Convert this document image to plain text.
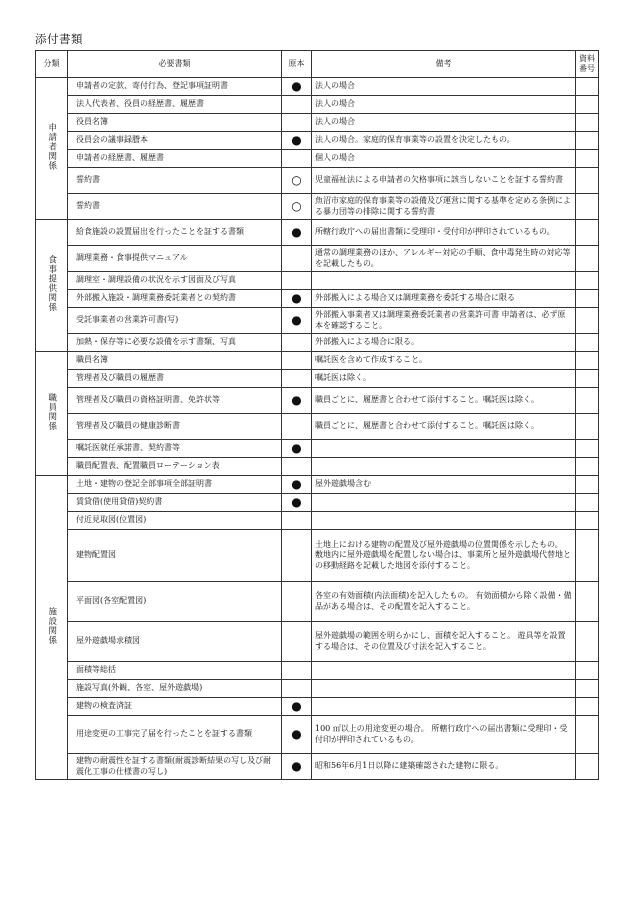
添付書類
分類	必要書類	原本	備考	資料番号
申請者関係	申請者の定款、寄付行為、登記事項証明書	●	法人の場合	
	法人代表者、役員の経歴書、履歴書		法人の場合	
	役員名簿		法人の場合	
	役員会の議事録謄本	●	法人の場合。家庭的保育事業等の設置を決定したもの。	
	申請者の経歴書、履歴書		個人の場合	
	誓約書	○	児童福祉法による申請者の欠格事項に該当しないことを証する誓約書	
	誓約書	○	魚沼市家庭的保育事業等の設備及び運営に関する基準を定める条例による暴力団等の排除に関する誓約書	
食事提供関係	給食施設の設置届出を行ったことを証する書類	●	所轄行政庁への届出書類に受理印・受付印が押印されているもの。	
	調理業務・食事提供マニュアル		通常の調理業務のほか、アレルギー対応の手順、食中毒発生時の対応等を記載したもの。	
	調理室・調理設備の状況を示す図面及び写真			
	外部搬入施設・調理業務委託業者との契約書	●	外部搬入による場合又は調理業務を委託する場合に限る	
	受託事業者の営業許可書(写)	●	外部搬入事業者又は調理業務委託業者の営業許可書 申請者は、必ず原本を確認すること。	
	加熱・保存等に必要な設備を示す書類、写真		外部搬入による場合に限る。	
職員関係	職員名簿		嘱託医を含めて作成すること。	
	管理者及び職員の履歴書		嘱託医は除く。	
	管理者及び職員の資格証明書、免許状等	●	職員ごとに、履歴書と合わせて添付すること。嘱託医は除く。	
	管理者及び職員の健康診断書		職員ごとに、履歴書と合わせて添付すること。嘱託医は除く。	
	嘱託医就任承諾書、契約書等	●		
	職員配置表、配置職員ローテーション表			
施設関係	土地・建物の登記全部事項全部証明書	●	屋外遊戯場含む	
	賃貸借(使用貸借)契約書	●		
	付近見取図(位置図)			
	建物配置図		土地上における建物の配置及び屋外遊戯場の位置関係を示したもの。 敷地内に屋外遊戯場を配置しない場合は、事業所と屋外遊戯場代替地との移動経路を記載した地図を添付すること。	
	平面図(各室配置図)		各室の有効面積(内法面積)を記入したもの。 有効面積から除く設備・備品がある場合は、その配置を記入すること。	
	屋外遊戯場求積図		屋外遊戯場の範囲を明らかにし、面積を記入すること。 遊具等を設置する場合は、その位置及び寸法を記入すること。	
	面積等総括			
	施設写真(外観、各室、屋外遊戯場)			
	建物の検査済証	●		
	用途変更の工事完了届を行ったことを証する書類	●	100 ㎡以上の用途変更の場合。 所轄行政庁への届出書類に受理印・受付印が押印されているもの。	
	建物の耐震性を証する書類(耐震診断結果の写し及び耐震化工事の仕様書の写し)	●	昭和56年6月1日以降に建築確認された建物に限る。	
